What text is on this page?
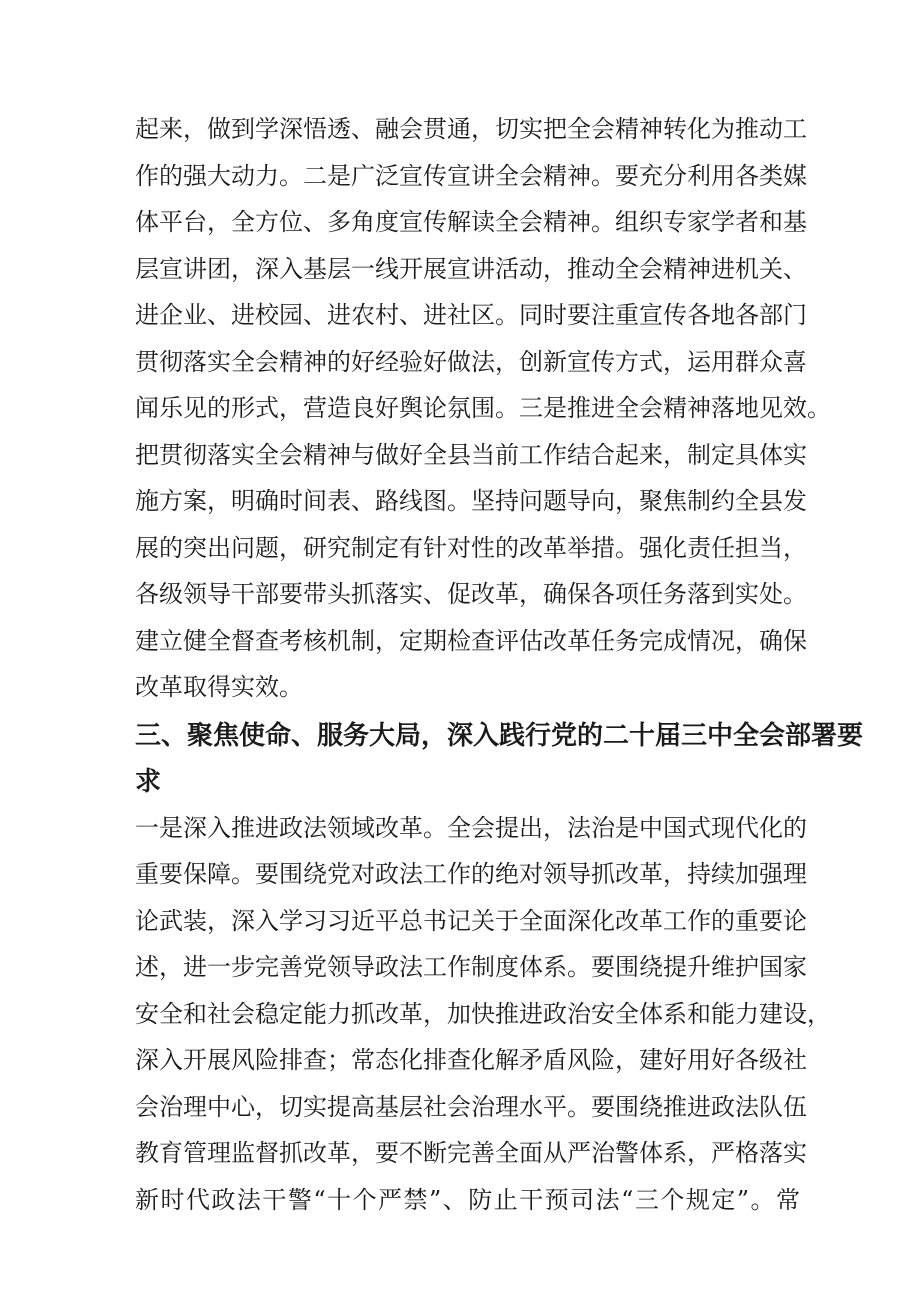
起来，做到学深悟透、融会贯通，切实把全会精神转化为推动工
作的强大动力。二是广泛宣传宣讲全会精神。要充分利用各类媒
体平台，全方位、多角度宣传解读全会精神。组织专家学者和基
层宣讲团，深入基层一线开展宣讲活动，推动全会精神进机关、
进企业、进校园、进农村、进社区。同时要注重宣传各地各部门
贯彻落实全会精神的好经验好做法，创新宣传方式，运用群众喜
闻乐见的形式，营造良好舆论氛围。三是推进全会精神落地见效。
把贯彻落实全会精神与做好全县当前工作结合起来，制定具体实
施方案，明确时间表、路线图。坚持问题导向，聚焦制约全县发
展的突出问题，研究制定有针对性的改革举措。强化责任担当，
各级领导干部要带头抓落实、促改革，确保各项任务落到实处。
建立健全督查考核机制，定期检查评估改革任务完成情况，确保
改革取得实效。
三、聚焦使命、服务大局，深入践行党的二十届三中全会部署要
求
一是深入推进政法领域改革。全会提出，法治是中国式现代化的
重要保障。要围绕党对政法工作的绝对领导抓改革，持续加强理
论武装，深入学习习近平总书记关于全面深化改革工作的重要论
述，进一步完善党领导政法工作制度体系。要围绕提升维护国家
安全和社会稳定能力抓改革，加快推进政治安全体系和能力建设，
深入开展风险排查；常态化排查化解矛盾风险，建好用好各级社
会治理中心，切实提高基层社会治理水平。要围绕推进政法队伍
教育管理监督抓改革，要不断完善全面从严治警体系，严格落实
新时代政法干警“十个严禁”、防止干预司法“三个规定”。常
